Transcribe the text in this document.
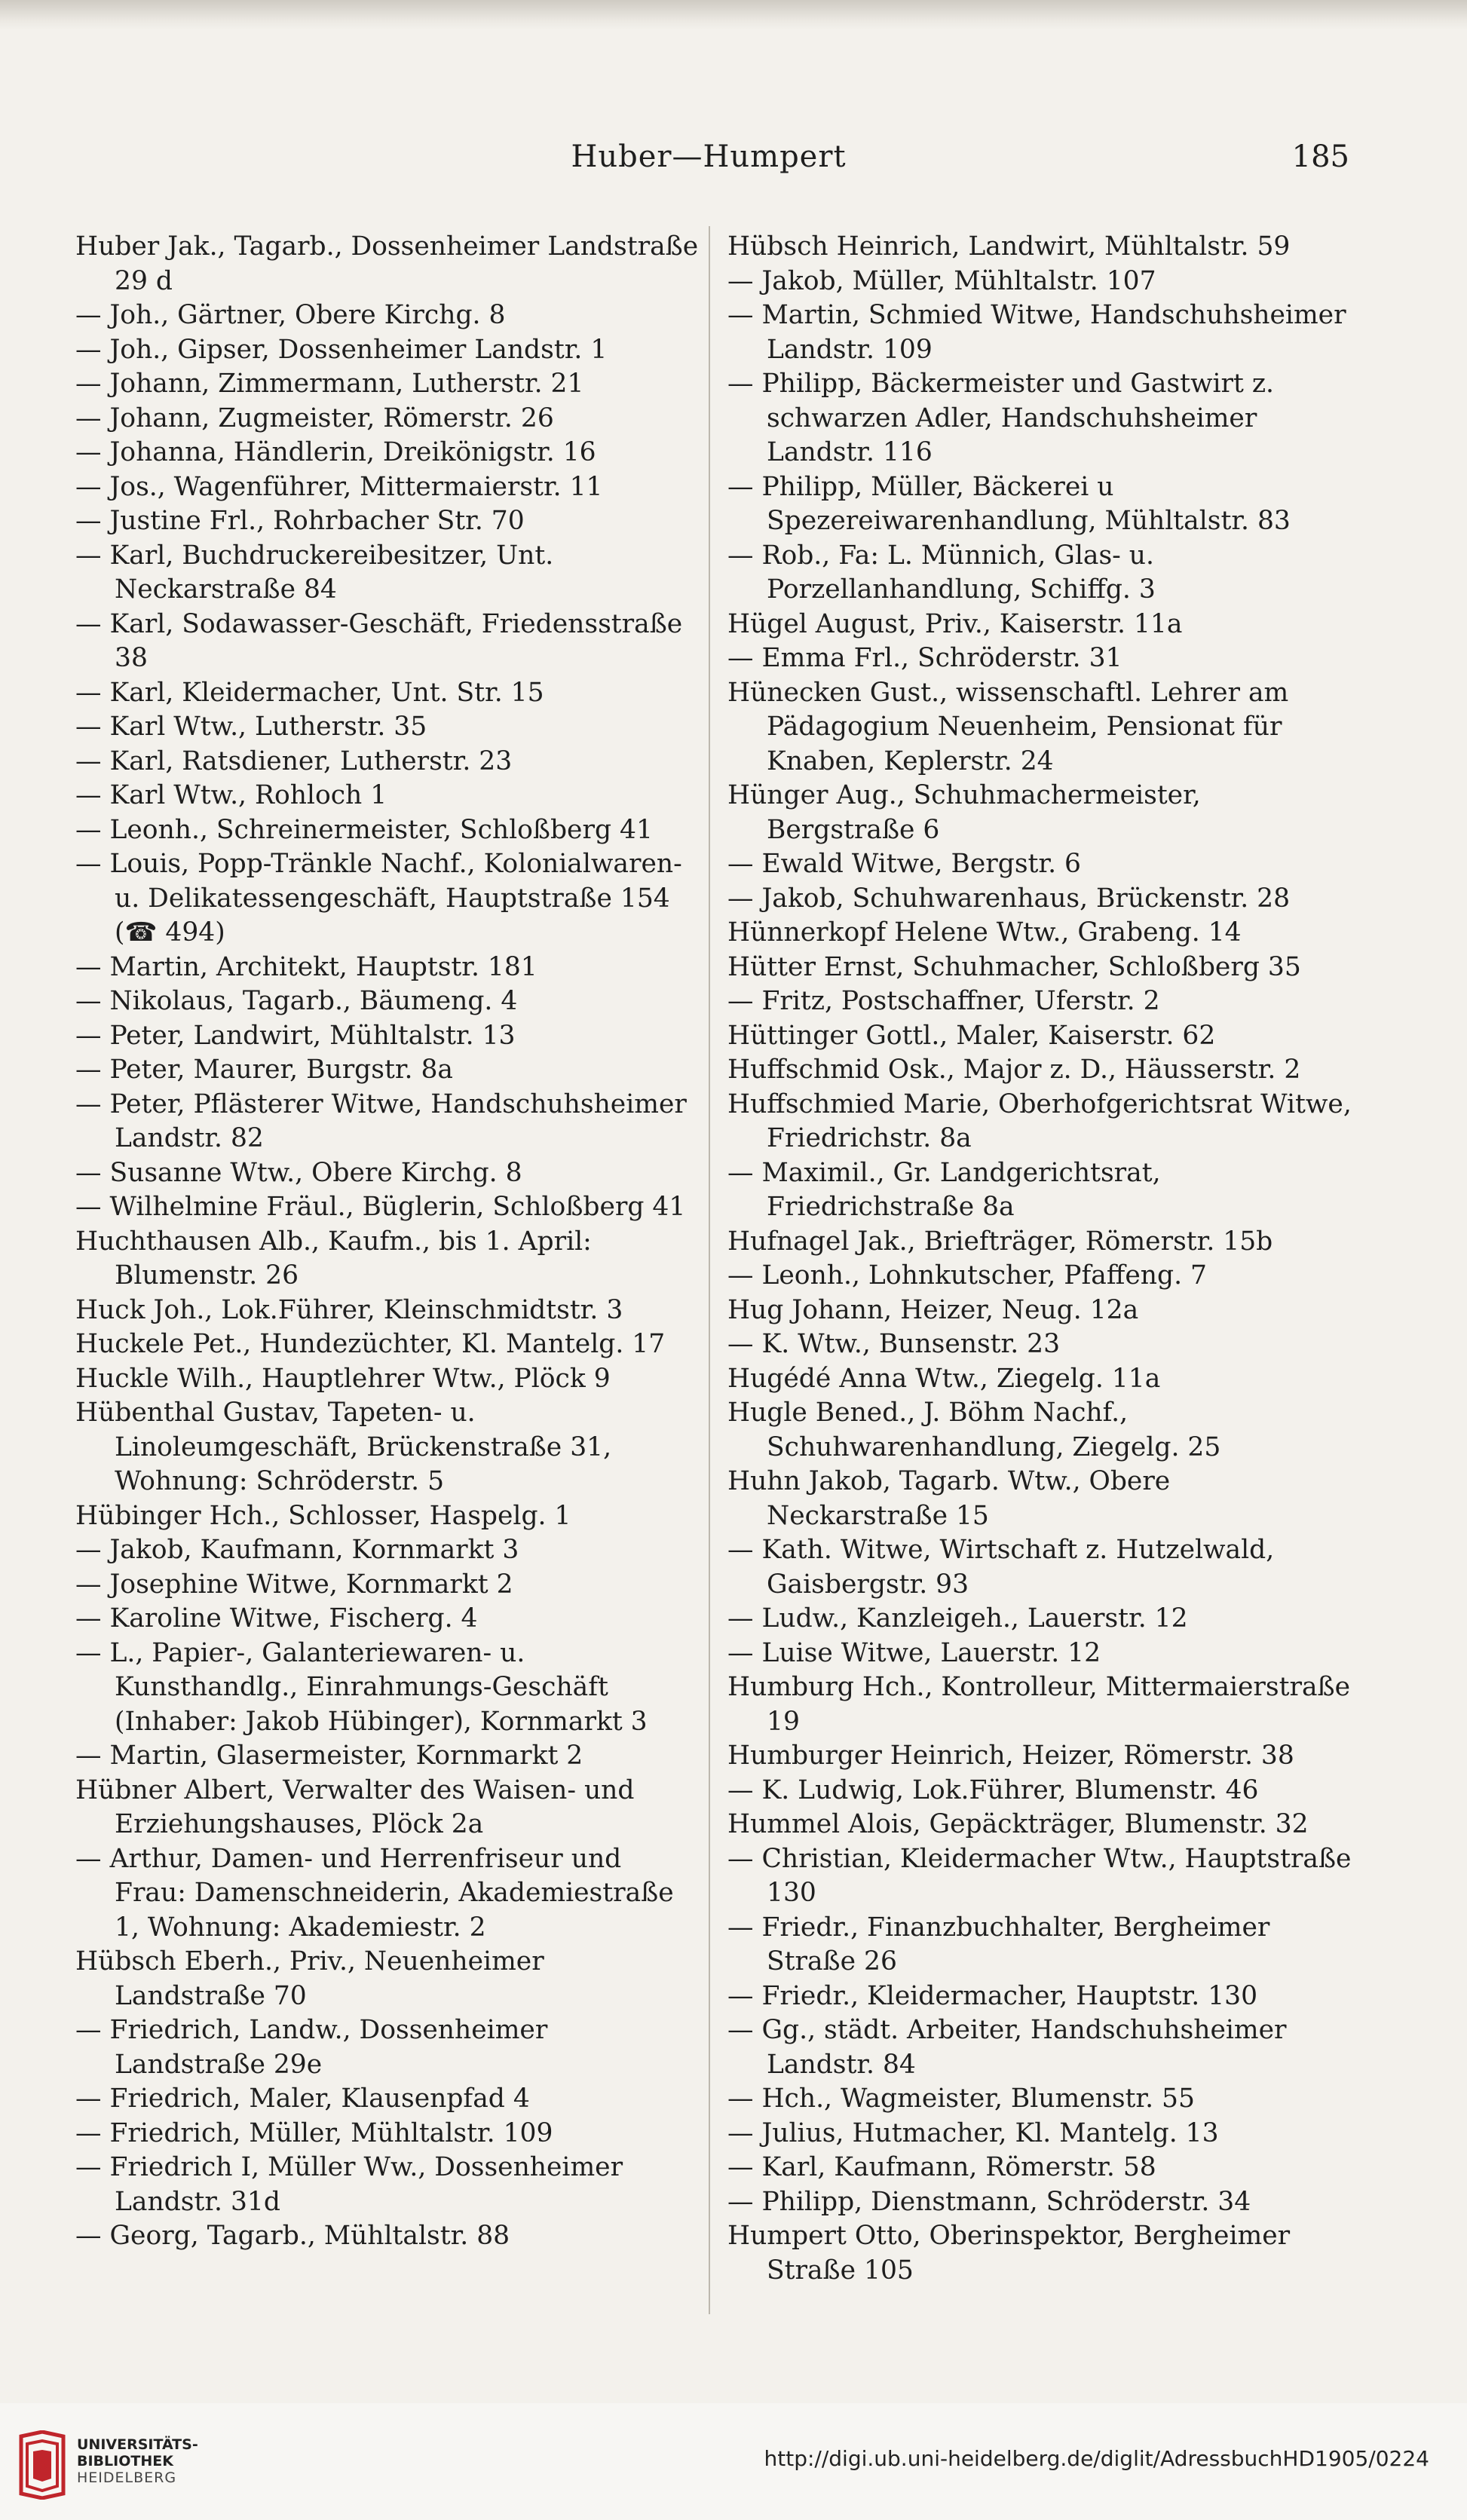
Huber—Humpert	185
Huber Jak., Tagarb., Dossenheimer Landstraße 29 d
— Joh., Gärtner, Obere Kirchg. 8
— Joh., Gipser, Dossenheimer Landstr. 1
— Johann, Zimmermann, Lutherstr. 21
— Johann, Zugmeister, Römerstr. 26
— Johanna, Händlerin, Dreikönigstr. 16
— Jos., Wagenführer, Mittermaierstr. 11
— Justine Frl., Rohrbacher Str. 70
— Karl, Buchdruckereibesitzer, Unt. Neckarstraße 84
— Karl, Sodawasser-Geschäft, Friedensstraße 38
— Karl, Kleidermacher, Unt. Str. 15
— Karl Wtw., Lutherstr. 35
— Karl, Ratsdiener, Lutherstr. 23
— Karl Wtw., Rohloch 1
— Leonh., Schreinermeister, Schloßberg 41
— Louis, Popp-Tränkle Nachf., Kolonialwaren- u. Delikatessengeschäft, Hauptstraße 154 (☎ 494)
— Martin, Architekt, Hauptstr. 181
— Nikolaus, Tagarb., Bäumeng. 4
— Peter, Landwirt, Mühltalstr. 13
— Peter, Maurer, Burgstr. 8a
— Peter, Pflästerer Witwe, Handschuhsheimer Landstr. 82
— Susanne Wtw., Obere Kirchg. 8
— Wilhelmine Fräul., Büglerin, Schloßberg 41
Huchthausen Alb., Kaufm., bis 1. April: Blumenstr. 26
Huck Joh., Lok.Führer, Kleinschmidtstr. 3
Huckele Pet., Hundezüchter, Kl. Mantelg. 17
Huckle Wilh., Hauptlehrer Wtw., Plöck 9
Hübenthal Gustav, Tapeten- u. Linoleumgeschäft, Brückenstraße 31, Wohnung: Schröderstr. 5
Hübinger Hch., Schlosser, Haspelg. 1
— Jakob, Kaufmann, Kornmarkt 3
— Josephine Witwe, Kornmarkt 2
— Karoline Witwe, Fischerg. 4
— L., Papier-, Galanteriewaren- u. Kunsthandlg., Einrahmungs-Geschäft (Inhaber: Jakob Hübinger), Kornmarkt 3
— Martin, Glasermeister, Kornmarkt 2
Hübner Albert, Verwalter des Waisen- und Erziehungshauses, Plöck 2a
— Arthur, Damen- und Herrenfriseur und Frau: Damenschneiderin, Akademiestraße 1, Wohnung: Akademiestr. 2
Hübsch Eberh., Priv., Neuenheimer Landstraße 70
— Friedrich, Landw., Dossenheimer Landstraße 29e
— Friedrich, Maler, Klausenpfad 4
— Friedrich, Müller, Mühltalstr. 109
— Friedrich I, Müller Ww., Dossenheimer Landstr. 31d
— Georg, Tagarb., Mühltalstr. 88
Hübsch Heinrich, Landwirt, Mühltalstr. 59
— Jakob, Müller, Mühltalstr. 107
— Martin, Schmied Witwe, Handschuhsheimer Landstr. 109
— Philipp, Bäckermeister und Gastwirt z. schwarzen Adler, Handschuhsheimer Landstr. 116
— Philipp, Müller, Bäckerei u Spezereiwarenhandlung, Mühltalstr. 83
— Rob., Fa: L. Münnich, Glas- u. Porzellanhandlung, Schiffg. 3
Hügel August, Priv., Kaiserstr. 11a
— Emma Frl., Schröderstr. 31
Hünecken Gust., wissenschaftl. Lehrer am Pädagogium Neuenheim, Pensionat für Knaben, Keplerstr. 24
Hünger Aug., Schuhmachermeister, Bergstraße 6
— Ewald Witwe, Bergstr. 6
— Jakob, Schuhwarenhaus, Brückenstr. 28
Hünnerkopf Helene Wtw., Grabeng. 14
Hütter Ernst, Schuhmacher, Schloßberg 35
— Fritz, Postschaffner, Uferstr. 2
Hüttinger Gottl., Maler, Kaiserstr. 62
Huffschmid Osk., Major z. D., Häusserstr. 2
Huffschmied Marie, Oberhofgerichtsrat Witwe, Friedrichstr. 8a
— Maximil., Gr. Landgerichtsrat, Friedrichstraße 8a
Hufnagel Jak., Briefträger, Römerstr. 15b
— Leonh., Lohnkutscher, Pfaffeng. 7
Hug Johann, Heizer, Neug. 12a
— K. Wtw., Bunsenstr. 23
Hugédé Anna Wtw., Ziegelg. 11a
Hugle Bened., J. Böhm Nachf., Schuhwarenhandlung, Ziegelg. 25
Huhn Jakob, Tagarb. Wtw., Obere Neckarstraße 15
— Kath. Witwe, Wirtschaft z. Hutzelwald, Gaisbergstr. 93
— Ludw., Kanzleigeh., Lauerstr. 12
— Luise Witwe, Lauerstr. 12
Humburg Hch., Kontrolleur, Mittermaierstraße 19
Humburger Heinrich, Heizer, Römerstr. 38
— K. Ludwig, Lok.Führer, Blumenstr. 46
Hummel Alois, Gepäckträger, Blumenstr. 32
— Christian, Kleidermacher Wtw., Hauptstraße 130
— Friedr., Finanzbuchhalter, Bergheimer Straße 26
— Friedr., Kleidermacher, Hauptstr. 130
— Gg., städt. Arbeiter, Handschuhsheimer Landstr. 84
— Hch., Wagmeister, Blumenstr. 55
— Julius, Hutmacher, Kl. Mantelg. 13
— Karl, Kaufmann, Römerstr. 58
— Philipp, Dienstmann, Schröderstr. 34
Humpert Otto, Oberinspektor, Bergheimer Straße 105
UNIVERSITÄTS-
BIBLIOTHEK
HEIDELBERG
http://digi.ub.uni-heidelberg.de/diglit/AdressbuchHD1905/0224
